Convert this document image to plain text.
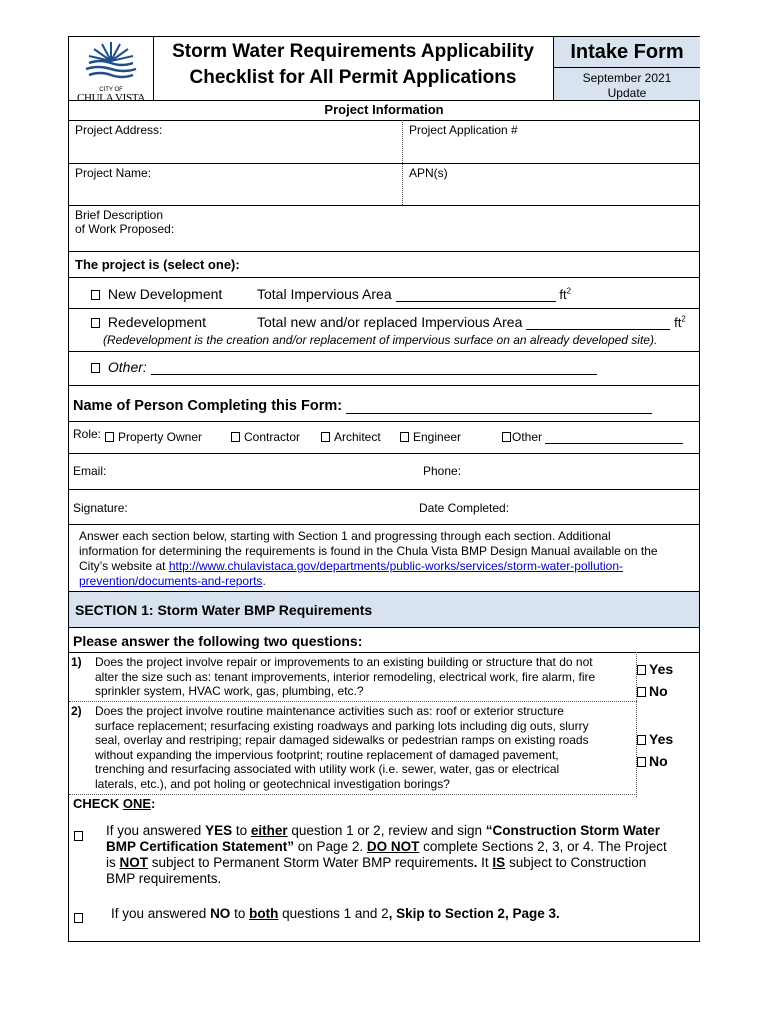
CITY OF
CHULA VISTA
Storm Water Requirements Applicability
Checklist for All Permit Applications
Intake Form
September 2021
Update
Project Information
Project Address:	Project Application #
Project Name:	APN(s)
Brief Description
of Work Proposed:
The project is (select one):
New Development Total Impervious Area	$ft^2$
Redevelopment	Total new and/or replaced Impervious Area	$ft^2$
(Redevelopment is the creation and/or replacement of impervious surface on an already developed site).
Other:
Name of Person Completing this Form:
Role:	Property Owner	Contractor	Architect	Engineer	Other
Email:	Phone:
Signature:	Date Completed:
Answer each section below, starting with Section 1 and progressing through each section. Additional
information for determining the requirements is found in the Chula Vista BMP Design Manual available on the
City’s website at http://www.chulavistaca.gov/departments/public-works/services/storm-water-pollution-
prevention/documents-and-reports.
SECTION 1: Storm Water BMP Requirements
Please answer the following two questions:
1) Does the project involve repair or improvements to an existing building or structure that do not
alter the size such as: tenant improvements, interior remodeling, electrical work, fire alarm, fire
sprinkler system, HVAC work, gas, plumbing, etc.?
Yes
No
2) Does the project involve routine maintenance activities such as: roof or exterior structure
surface replacement; resurfacing existing roadways and parking lots including dig outs, slurry
seal, overlay and restriping; repair damaged sidewalks or pedestrian ramps on existing roads
without expanding the impervious footprint; routine replacement of damaged pavement,
trenching and resurfacing associated with utility work (i.e. sewer, water, gas or electrical
laterals, etc.), and pot holing or geotechnical investigation borings?
Yes
No
CHECK ONE:
If you answered YES to either question 1 or 2, review and sign “Construction Storm Water
BMP Certification Statement” on Page 2. DO NOT complete Sections 2, 3, or 4. The Project
is NOT subject to Permanent Storm Water BMP requirements. It IS subject to Construction
BMP requirements.
If you answered NO to both questions 1 and 2, Skip to Section 2, Page 3.
